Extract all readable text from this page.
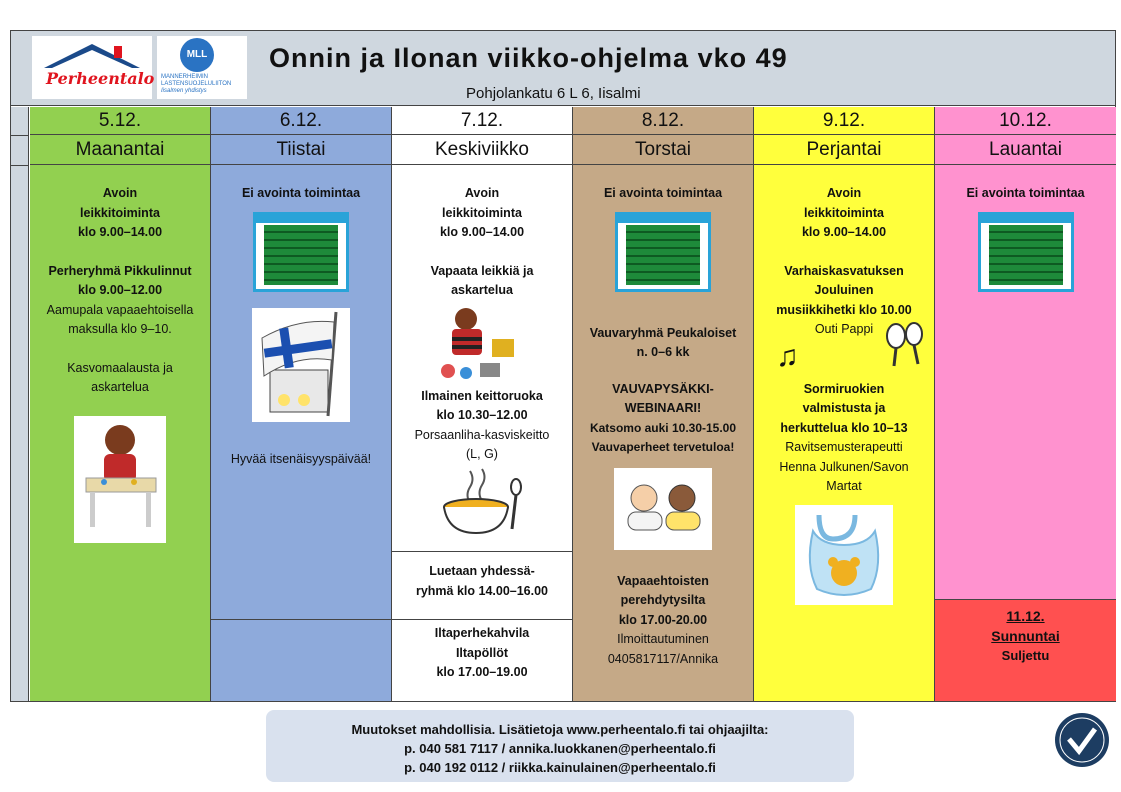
Perheentalo
MLL
MANNERHEIMIN
LASTENSUOJELULIITON
Iisalmen yhdistys
Onnin ja Ilonan viikko-ohjelma vko 49
Pohjolankatu 6 L 6, Iisalmi
5.12.
Maanantai
Avoin
leikkitoiminta
klo 9.00–14.00
Perheryhmä Pikkulinnut
klo 9.00–12.00
Aamupala vapaaehtoisella
maksulla klo 9–10.
Kasvomaalausta ja
askartelua
6.12.
Tiistai
Ei avointa toimintaa
Hyvää itsenäisyyspäivää!
7.12.
Keskiviikko
Avoin
leikkitoiminta
klo 9.00–14.00
Vapaata leikkiä ja
askartelua
Ilmainen keittoruoka
klo 10.30–12.00
Porsaanliha-kasviskeitto
(L, G)
Luetaan yhdessä-
ryhmä klo 14.00–16.00
Iltaperhekahvila
Iltapöllöt
klo 17.00–19.00
8.12.
Torstai
Ei avointa toimintaa
Vauvaryhmä Peukaloiset
n. 0–6 kk
VAUVAPYSÄKKI-
WEBINAARI!
Katsomo auki 10.30-15.00
Vauvaperheet tervetuloa!
Vapaaehtoisten
perehdytysilta
klo 17.00-20.00
Ilmoittautuminen
0405817117/Annika
9.12.
Perjantai
Avoin
leikkitoiminta
klo 9.00–14.00
Varhaiskasvatuksen
Jouluinen
musiikkihetki klo 10.00
Outi Pappi
♫
Sormiruokien
valmistusta ja
herkuttelua klo 10–13
Ravitsemusterapeutti
Henna Julkunen/Savon
Martat
10.12.
Lauantai
Ei avointa toimintaa
11.12.
Sunnuntai
Suljettu
Muutokset mahdollisia. Lisätietoja www.perheentalo.fi tai ohjaajilta:
p. 040 581 7117 / annika.luokkanen@perheentalo.fi
p. 040 192 0112 / riikka.kainulainen@perheentalo.fi
